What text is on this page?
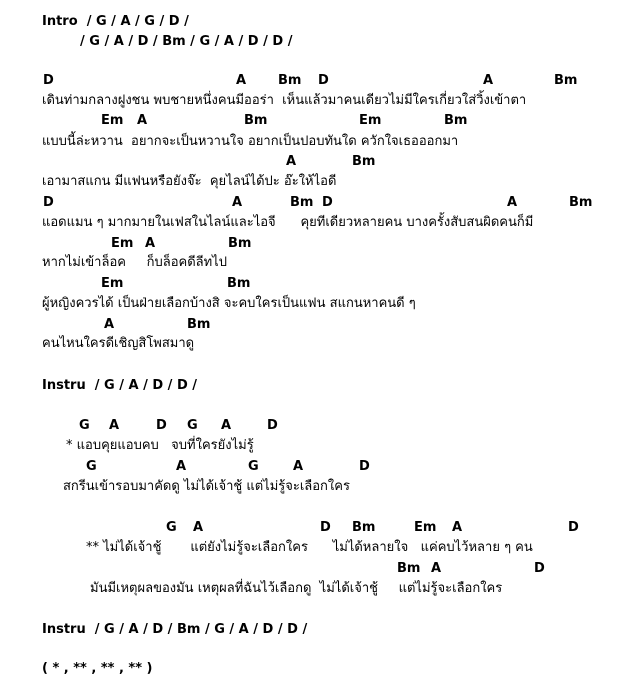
Intro  / G / A / G / D /
/ G / A / D / Bm / G / A / D / D /
D	A Bm D	A	Bm
เดินท่ามกลางฝูงชน พบชายหนึ่งคนมีออร่า  เห็นแล้วมาคนเดียวไม่มีใครเกี่ยวใส่วิ้งเข้าตา
Em A	Bm	Em	Bm
แบบนี้ล่ะหวาน  อยากจะเป็นหวานใจ อยากเป็นปอบทันใด ควักใจเธอออกมา
A	Bm
เอามาสแกน มีแฟนหรือยังจ๊ะ  คุยไลน์ได้ปะ อ๊ะให้ไอดี
D	A	Bm D	A	Bm
แอดแมน ๆ มากมายในเฟสในไลน์และไอจี      คุยทีเดียวหลายคน บางครั้งสับสนผิดคนก็มี
Em A	Bm
หากไม่เข้าล็อค     ก็บล็อคดีลีทไป
Em	Bm
ผู้หญิงควรได้ เป็นฝ่ายเลือกบ้างสิ จะคบใครเป็นแฟน สแกนหาคนดี ๆ
A	Bm
คนไหนใครดีเชิญสิโพสมาดู
Instru  / G / A / D / D /
G A	D G A	D
* แอบคุยแอบคบ   จบที่ใครยังไม่รู้
G	A	G	A	D
สกรีนเข้ารอบมาคัดดู ไม่ได้เจ้าชู้ แต่ไม่รู้จะเลือกใคร
G A	D Bm	Em A	D
** ไม่ได้เจ้าชู้       แต่ยังไม่รู้จะเลือกใคร      ไม่ได้หลายใจ   แค่คบไว้หลาย ๆ คน
Bm A	D
มันมีเหตุผลของมัน เหตุผลที่ฉันไว้เลือกดู  ไม่ได้เจ้าชู้     แต่ไม่รู้จะเลือกใคร
Instru  / G / A / D / Bm / G / A / D / D /
( * , ** , ** , ** )
